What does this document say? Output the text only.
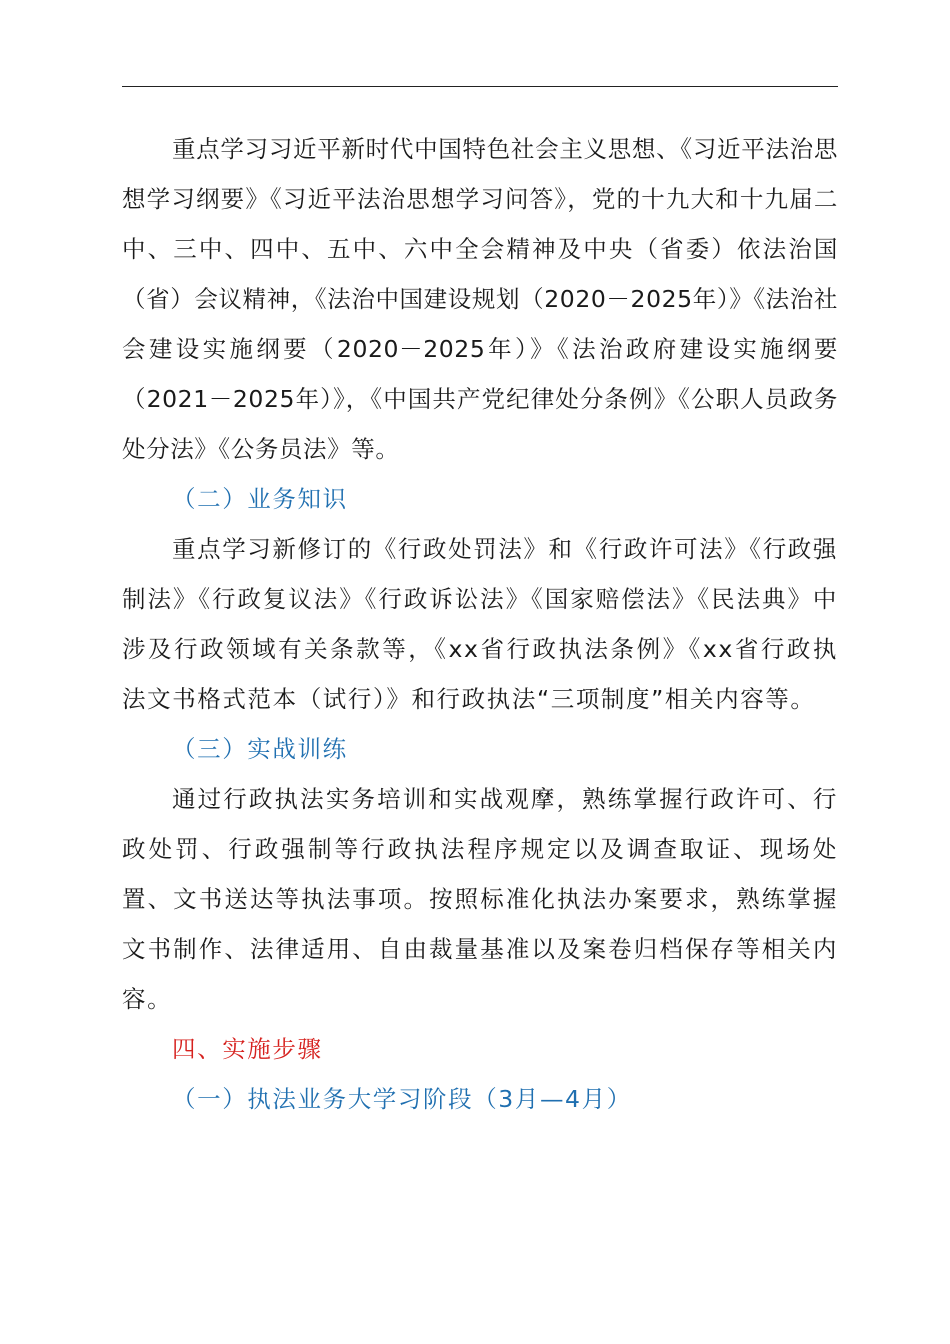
重点学习习近平新时代中国特色社会主义思想、《习近平法治思想学习纲要》《习近平法治思想学习问答》，党的十九大和十九届二中、三中、四中、五中、六中全会精神及中央（省委）依法治国（省）会议精神，《法治中国建设规划（2020－2025年）》《法治社会建设实施纲要（2020－2025年）》《法治政府建设实施纲要（2021－2025年）》，《中国共产党纪律处分条例》《公职人员政务处分法》《公务员法》等。

（二）业务知识

重点学习新修订的《行政处罚法》和《行政许可法》《行政强制法》《行政复议法》《行政诉讼法》《国家赔偿法》《民法典》中涉及行政领域有关条款等，《xx省行政执法条例》《xx省行政执法文书格式范本（试行）》和行政执法“三项制度”相关内容等。

（三）实战训练

通过行政执法实务培训和实战观摩，熟练掌握行政许可、行政处罚、行政强制等行政执法程序规定以及调查取证、现场处置、文书送达等执法事项。按照标准化执法办案要求，熟练掌握文书制作、法律适用、自由裁量基准以及案卷归档保存等相关内容。

四、实施步骤
（一）执法业务大学习阶段（3月—4月）
